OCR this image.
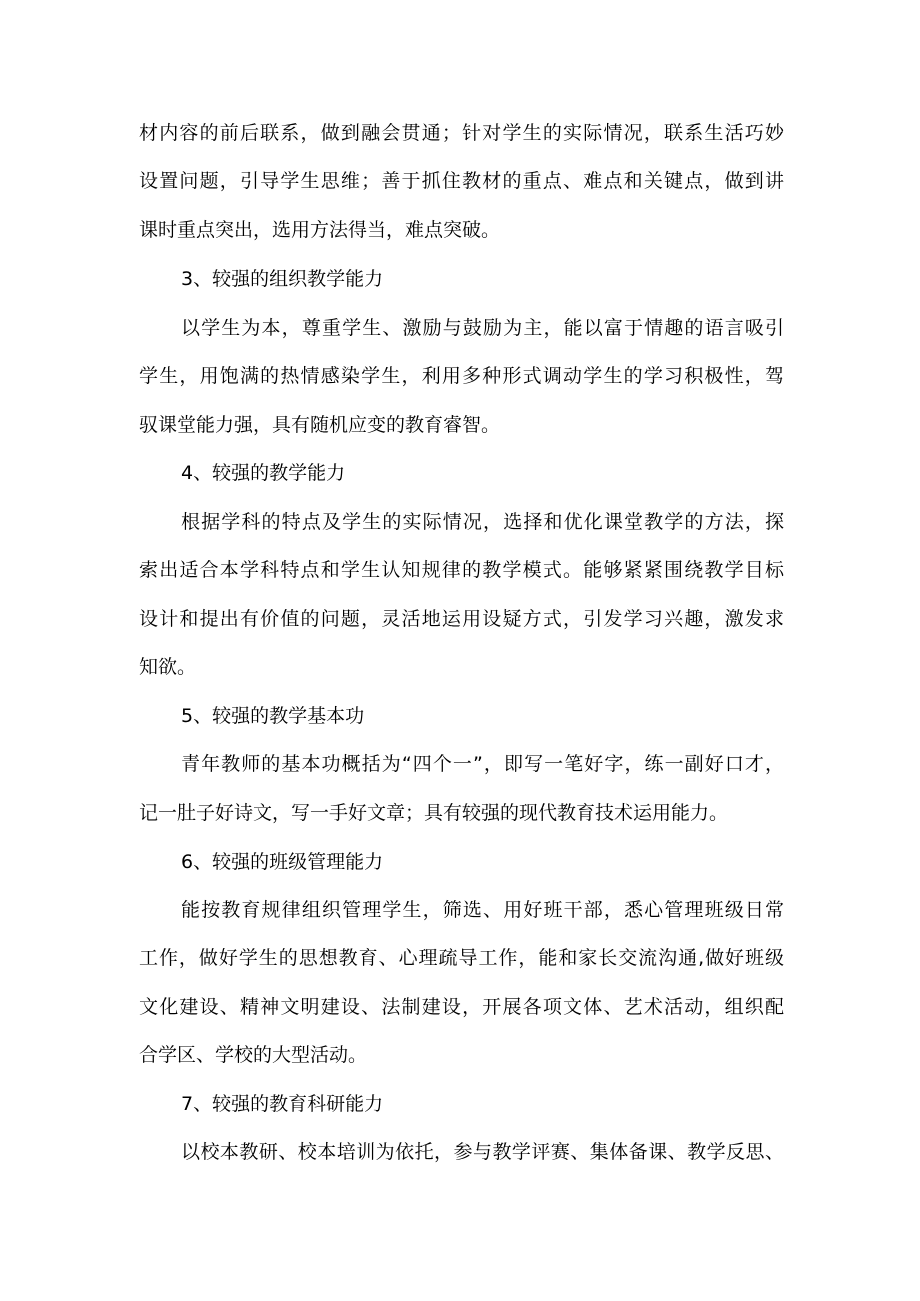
材内容的前后联系，做到融会贯通；针对学生的实际情况，联系生活巧妙
设置问题，引导学生思维；善于抓住教材的重点、难点和关键点，做到讲
课时重点突出，选用方法得当，难点突破。
3、较强的组织教学能力
以学生为本，尊重学生、激励与鼓励为主，能以富于情趣的语言吸引
学生，用饱满的热情感染学生，利用多种形式调动学生的学习积极性，驾
驭课堂能力强，具有随机应变的教育睿智。
4、较强的教学能力
根据学科的特点及学生的实际情况，选择和优化课堂教学的方法，探
索出适合本学科特点和学生认知规律的教学模式。能够紧紧围绕教学目标
设计和提出有价值的问题，灵活地运用设疑方式，引发学习兴趣，激发求
知欲。
5、较强的教学基本功
青年教师的基本功概括为“四个一”，即写一笔好字，练一副好口才，
记一肚子好诗文，写一手好文章；具有较强的现代教育技术运用能力。
6、较强的班级管理能力
能按教育规律组织管理学生，筛选、用好班干部，悉心管理班级日常
工作，做好学生的思想教育、心理疏导工作，能和家长交流沟通,做好班级
文化建设、精神文明建设、法制建设，开展各项文体、艺术活动，组织配
合学区、学校的大型活动。
7、较强的教育科研能力
以校本教研、校本培训为依托，参与教学评赛、集体备课、教学反思、
